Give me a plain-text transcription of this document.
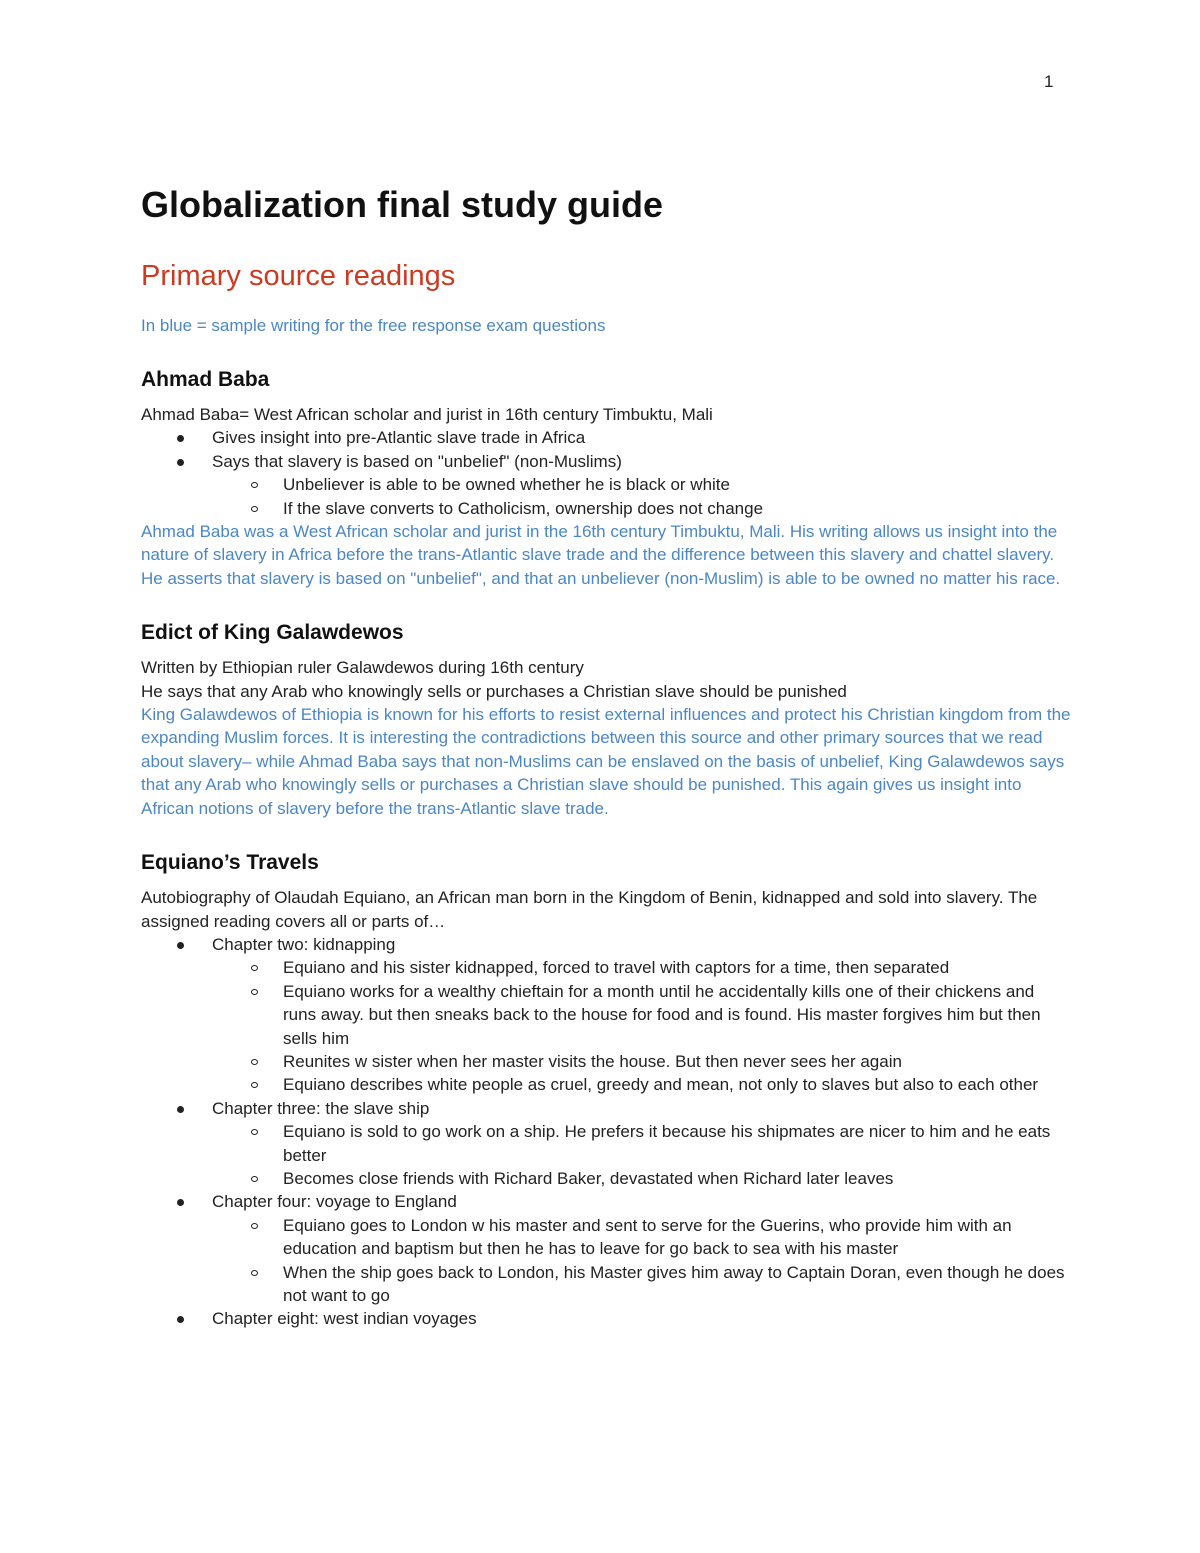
1
Globalization final study guide
Primary source readings
In blue = sample writing for the free response exam questions
Ahmad Baba

Ahmad Baba= West African scholar and jurist in 16th century Timbuktu, Mali

Gives insight into pre-Atlantic slave trade in Africa
Says that slavery is based on "unbelief" (non-Muslims)
Unbeliever is able to be owned whether he is black or white
If the slave converts to Catholicism, ownership does not change

Ahmad Baba was a West African scholar and jurist in the 16th century Timbuktu, Mali. His writing allows us insight into the nature of slavery in Africa before the trans-Atlantic slave trade and the difference between this slavery and chattel slavery. He asserts that slavery is based on "unbelief", and that an unbeliever (non-Muslim) is able to be owned no matter his race.

Edict of King Galawdewos

Written by Ethiopian ruler Galawdewos during 16th century

He says that any Arab who knowingly sells or purchases a Christian slave should be punished

King Galawdewos of Ethiopia is known for his efforts to resist external influences and protect his Christian kingdom from the expanding Muslim forces. It is interesting the contradictions between this source and other primary sources that we read about slavery– while Ahmad Baba says that non-Muslims can be enslaved on the basis of unbelief, King Galawdewos says that any Arab who knowingly sells or purchases a Christian slave should be punished. This again gives us insight into African notions of slavery before the trans-Atlantic slave trade.

Equiano’s Travels

Autobiography of Olaudah Equiano, an African man born in the Kingdom of Benin, kidnapped and sold into slavery. The assigned reading covers all or parts of…

Chapter two: kidnapping
Equiano and his sister kidnapped, forced to travel with captors for a time, then separated
Equiano works for a wealthy chieftain for a month until he accidentally kills one of their chickens and runs away. but then sneaks back to the house for food and is found. His master forgives him but then sells him
Reunites w sister when her master visits the house. But then never sees her again
Equiano describes white people as cruel, greedy and mean, not only to slaves but also to each other
Chapter three: the slave ship
Equiano is sold to go work on a ship. He prefers it because his shipmates are nicer to him and he eats better
Becomes close friends with Richard Baker, devastated when Richard later leaves
Chapter four: voyage to England
Equiano goes to London w his master and sent to serve for the Guerins, who provide him with an education and baptism but then he has to leave for go back to sea with his master
When the ship goes back to London, his Master gives him away to Captain Doran, even though he does not want to go
Chapter eight: west indian voyages
